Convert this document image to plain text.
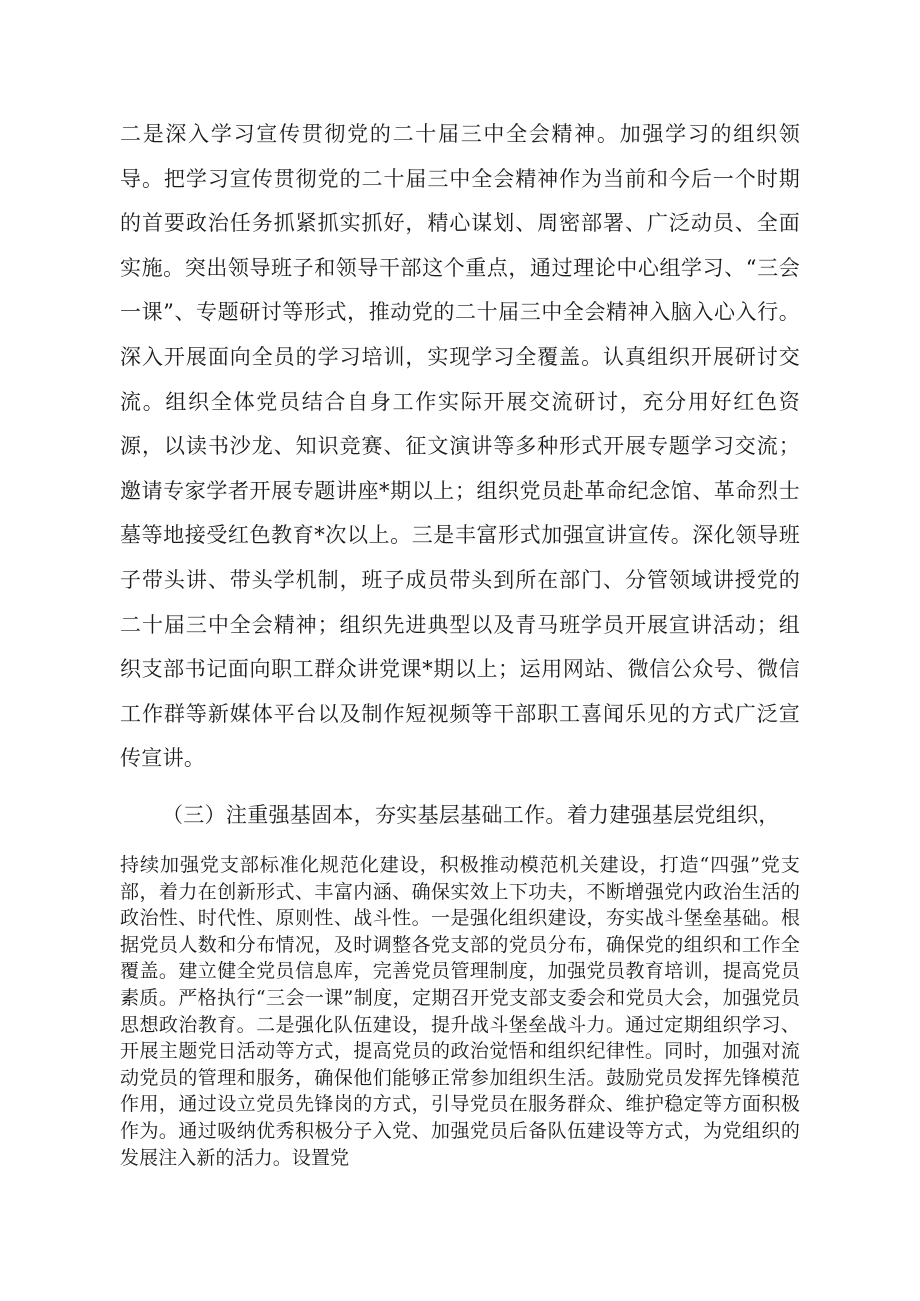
二是深入学习宣传贯彻党的二十届三中全会精神。加强学习的组织领导。把学习宣传贯彻党的二十届三中全会精神作为当前和今后一个时期的首要政治任务抓紧抓实抓好，精心谋划、周密部署、广泛动员、全面实施。突出领导班子和领导干部这个重点，通过理论中心组学习、“三会一课”、专题研讨等形式，推动党的二十届三中全会精神入脑入心入行。深入开展面向全员的学习培训，实现学习全覆盖。认真组织开展研讨交流。组织全体党员结合自身工作实际开展交流研讨，充分用好红色资源，以读书沙龙、知识竞赛、征文演讲等多种形式开展专题学习交流；邀请专家学者开展专题讲座*期以上；组织党员赴革命纪念馆、革命烈士墓等地接受红色教育*次以上。三是丰富形式加强宣讲宣传。深化领导班子带头讲、带头学机制，班子成员带头到所在部门、分管领域讲授党的二十届三中全会精神；组织先进典型以及青马班学员开展宣讲活动；组织支部书记面向职工群众讲党课*期以上；运用网站、微信公众号、微信工作群等新媒体平台以及制作短视频等干部职工喜闻乐见的方式广泛宣传宣讲。

（三）注重强基固本，夯实基层基础工作。着力建强基层党组织，

持续加强党支部标准化规范化建设，积极推动模范机关建设，打造“四强”党支部，着力在创新形式、丰富内涵、确保实效上下功夫，不断增强党内政治生活的政治性、时代性、原则性、战斗性。一是强化组织建设，夯实战斗堡垒基础。根据党员人数和分布情况，及时调整各党支部的党员分布，确保党的组织和工作全覆盖。建立健全党员信息库，完善党员管理制度，加强党员教育培训，提高党员素质。严格执行“三会一课”制度，定期召开党支部支委会和党员大会，加强党员思想政治教育。二是强化队伍建设，提升战斗堡垒战斗力。通过定期组织学习、开展主题党日活动等方式，提高党员的政治觉悟和组织纪律性。同时，加强对流动党员的管理和服务，确保他们能够正常参加组织生活。鼓励党员发挥先锋模范作用，通过设立党员先锋岗的方式，引导党员在服务群众、维护稳定等方面积极作为。通过吸纳优秀积极分子入党、加强党员后备队伍建设等方式，为党组织的发展注入新的活力。设置党
